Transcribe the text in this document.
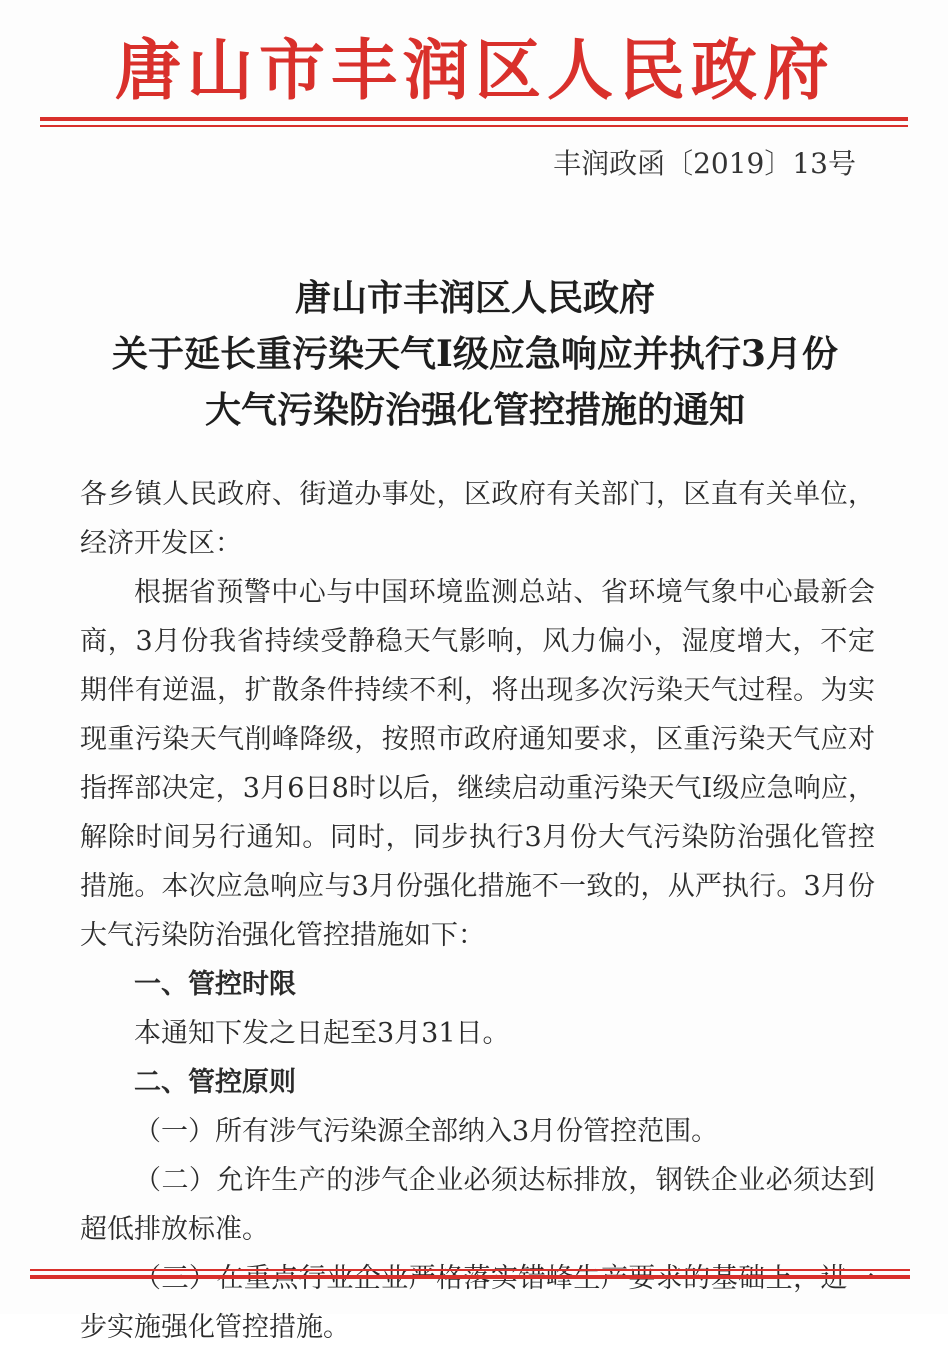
唐山市丰润区人民政府
丰润政函〔2019〕13号
唐山市丰润区人民政府
关于延长重污染天气Ⅰ级应急响应并执行3月份
大气污染防治强化管控措施的通知

各乡镇人民政府、街道办事处，区政府有关部门，区直有关单位，经济开发区：

根据省预警中心与中国环境监测总站、省环境气象中心最新会商，3月份我省持续受静稳天气影响，风力偏小，湿度增大，不定期伴有逆温，扩散条件持续不利，将出现多次污染天气过程。为实现重污染天气削峰降级，按照市政府通知要求，区重污染天气应对指挥部决定，3月6日8时以后，继续启动重污染天气Ⅰ级应急响应，解除时间另行通知。同时，同步执行3月份大气污染防治强化管控措施。本次应急响应与3月份强化措施不一致的，从严执行。3月份大气污染防治强化管控措施如下：

一、管控时限

本通知下发之日起至3月31日。

二、管控原则

（一）所有涉气污染源全部纳入3月份管控范围。

（二）允许生产的涉气企业必须达标排放，钢铁企业必须达到超低排放标准。

步实施强化管控措施。
